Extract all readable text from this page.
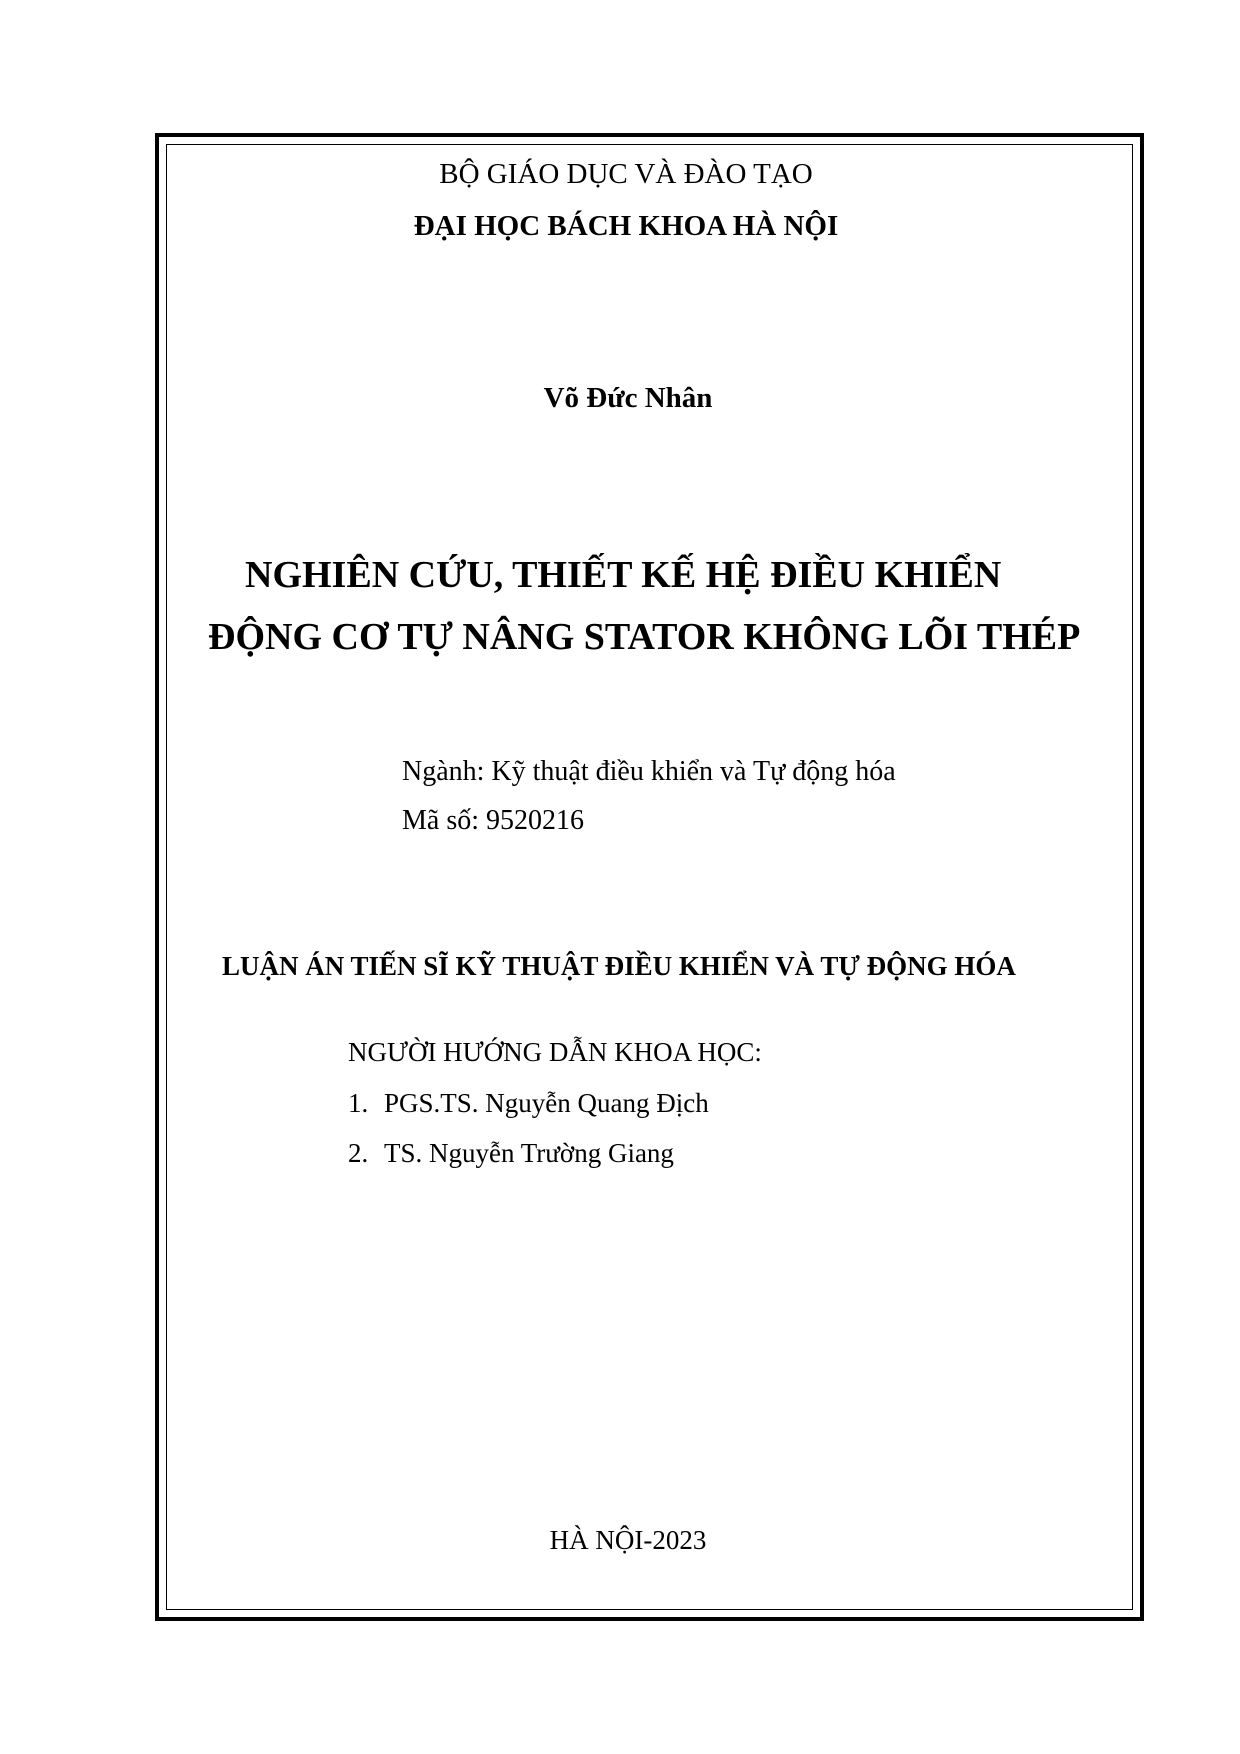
BỘ GIÁO DỤC VÀ ĐÀO TẠO
ĐẠI HỌC BÁCH KHOA HÀ NỘI
Võ Đức Nhân
NGHIÊN CỨU, THIẾT KẾ HỆ ĐIỀU KHIỂN
ĐỘNG CƠ TỰ NÂNG STATOR KHÔNG LÕI THÉP
Ngành: Kỹ thuật điều khiển và Tự động hóa
Mã số: 9520216
LUẬN ÁN TIẾN SĨ KỸ THUẬT ĐIỀU KHIỂN VÀ TỰ ĐỘNG HÓA
NGƯỜI HƯỚNG DẪN KHOA HỌC:
1. PGS.TS. Nguyễn Quang Địch
2. TS. Nguyễn Trường Giang
HÀ NỘI-2023
